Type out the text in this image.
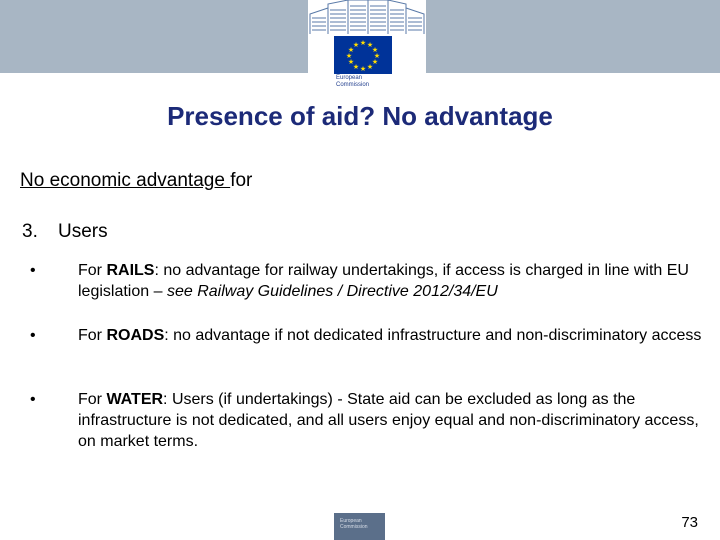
★ ★
★
★
★
★
★
★
★
★
★
★
European
Commission
Presence of aid? No advantage
No economic advantage for
3. Users
•	For RAILS: no advantage for railway undertakings, if access is charged in line with EU legislation – see Railway Guidelines / Directive 2012/34/EU
•	For ROADS: no advantage if not dedicated infrastructure and non-discriminatory access
•	For WATER: Users (if undertakings) - State aid can be excluded as long as the infrastructure is not dedicated, and all users enjoy equal and non-discriminatory access, on market terms.
European Commission	73
